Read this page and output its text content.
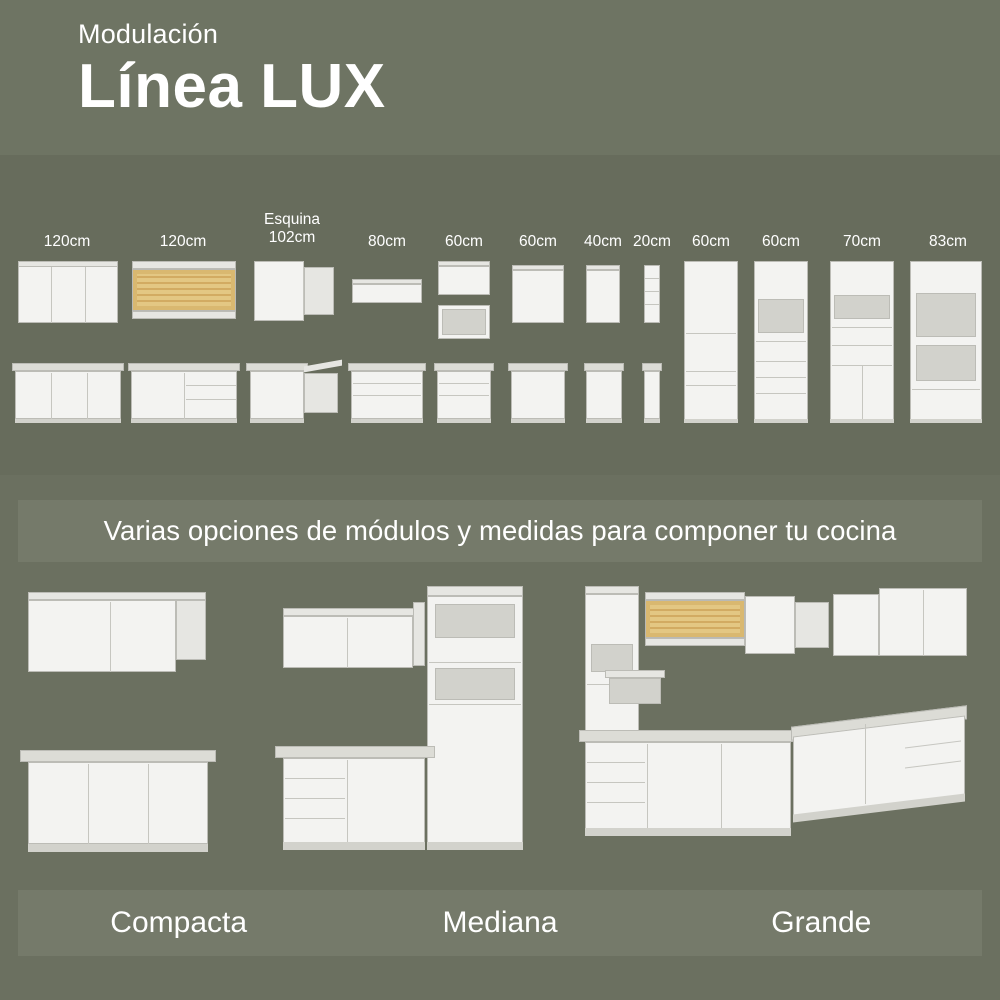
Modulación
Línea LUX
120cm	120cm
Esquina
102cm	80cm	60cm	60cm	40cm 20cm	60cm	60cm	70cm	83cm
Varias opciones de módulos y medidas para componer tu cocina
Compacta	Mediana	Grande
